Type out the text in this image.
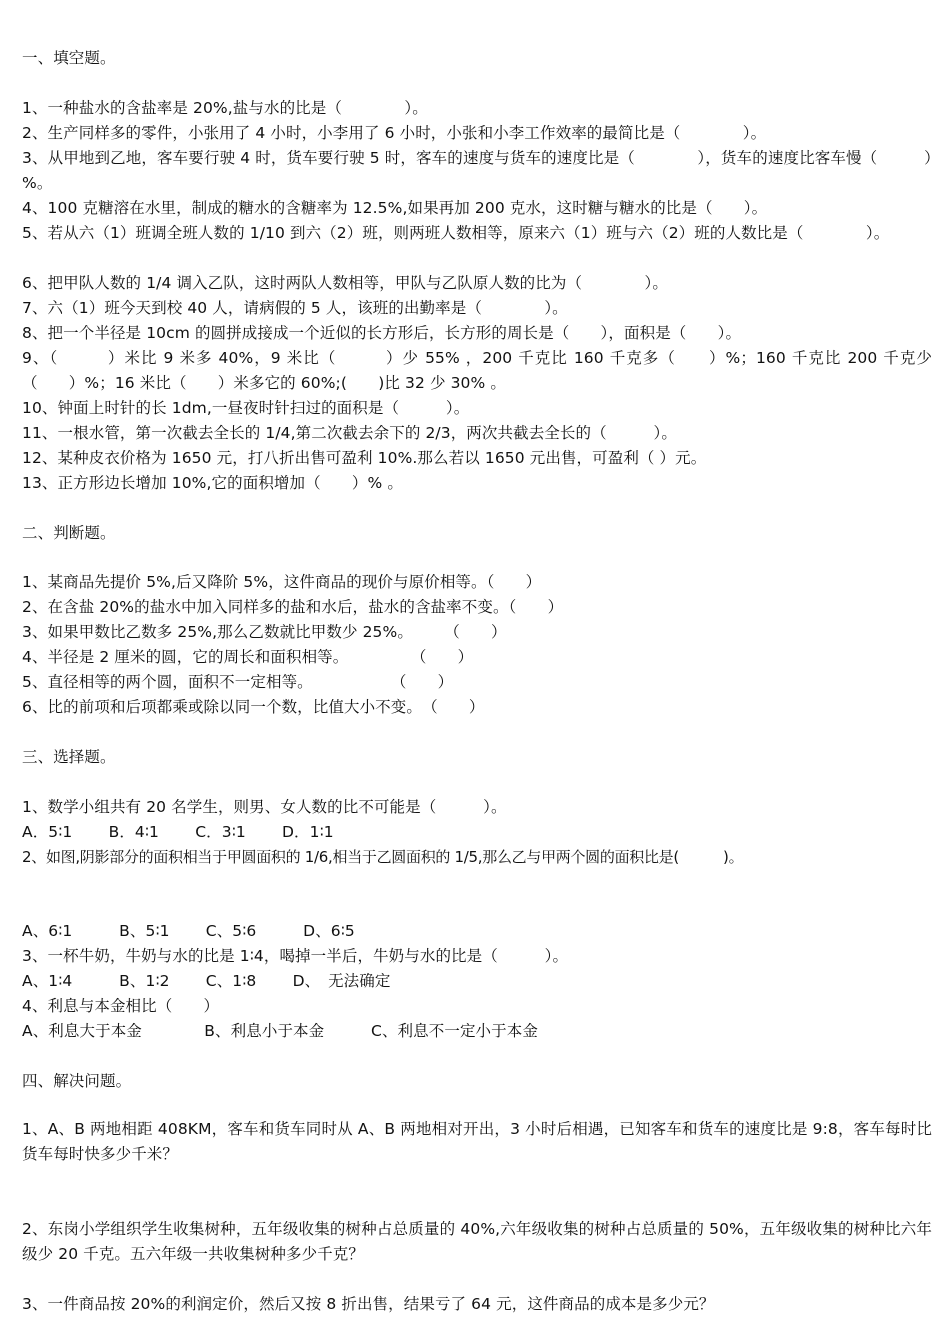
一、填空题。
1、一种盐水的含盐率是 20%,盐与水的比是（　　　　）。
2、生产同样多的零件，小张用了 4 小时，小李用了 6 小时，小张和小李工作效率的最简比是（　　　　）。
3、从甲地到乙地，客车要行驶 4 时，货车要行驶 5 时，客车的速度与货车的速度比是（　　　　），货车的速度比客车慢（　　　）%。
4、100 克糖溶在水里，制成的糖水的含糖率为 12.5%,如果再加 200 克水，这时糖与糖水的比是（　　）。
5、若从六（1）班调全班人数的 1/10 到六（2）班，则两班人数相等，原来六（1）班与六（2）班的人数比是（　　　　）。
6、把甲队人数的 1/4 调入乙队，这时两队人数相等，甲队与乙队原人数的比为（　　　　）。
7、六（1）班今天到校 40 人，请病假的 5 人，该班的出勤率是（　　　　）。
8、把一个半径是 10cm 的圆拼成接成一个近似的长方形后，长方形的周长是（　　），面积是（　　）。
9、（　　　）米比 9 米多 40%，9 米比（　　　）少 55% ，200 千克比 160 千克多（　　）%；160 千克比 200 千克少（　　）%；16 米比（　　）米多它的 60%;(　　)比 32 少 30% 。
10、钟面上时针的长 1dm,一昼夜时针扫过的面积是（　　　）。
11、一根水管，第一次截去全长的 1/4,第二次截去余下的 2/3，两次共截去全长的（　　　）。
12、某种皮衣价格为 1650 元，打八折出售可盈利 10%.那么若以 1650 元出售，可盈利（ ）元。
13、正方形边长增加 10%,它的面积增加（　　）% 。
二、判断题。
1、某商品先提价 5%,后又降阶 5%，这件商品的现价与原价相等。（　　）
2、在含盐 20%的盐水中加入同样多的盐和水后，盐水的含盐率不变。（　　）
3、如果甲数比乙数多 25%,那么乙数就比甲数少 25%。　　　（　　）
4、半径是 2 厘米的圆，它的周长和面积相等。　　　　　（　　）
5、直径相等的两个圆，面积不一定相等。　　　　　　（　　）
6、比的前项和后项都乘或除以同一个数，比值大小不变。　（　　）
三、选择题。
1、数学小组共有 20 名学生，则男、女人数的比不可能是（　　　）。
A．5∶1　　 B．4∶1　　 C．3∶1　　 D．1∶1
2、如图,阴影部分的面积相当于甲圆面积的 1/6,相当于乙圆面积的 1/5,那么乙与甲两个圆的面积比是(　　　)。
A、6∶1　　　B、5∶1　　 C、5∶6　　　D、6∶5
3、一杯牛奶，牛奶与水的比是 1∶4，喝掉一半后，牛奶与水的比是（　　　）。
A、1∶4　　　B、1∶2　　 C、1∶8　　 D、　无法确定
4、利息与本金相比（　　）
A、利息大于本金　　　　B、利息小于本金　　　C、利息不一定小于本金
四、解决问题。
1、A、B 两地相距 408KM，客车和货车同时从 A、B 两地相对开出，3 小时后相遇，已知客车和货车的速度比是 9:8，客车每时比货车每时快多少千米？
2、东岗小学组织学生收集树种，五年级收集的树种占总质量的 40%,六年级收集的树种占总质量的 50%，五年级收集的树种比六年级少 20 千克。五六年级一共收集树种多少千克？
3、一件商品按 20%的利润定价，然后又按 8 折出售，结果亏了 64 元，这件商品的成本是多少元？
